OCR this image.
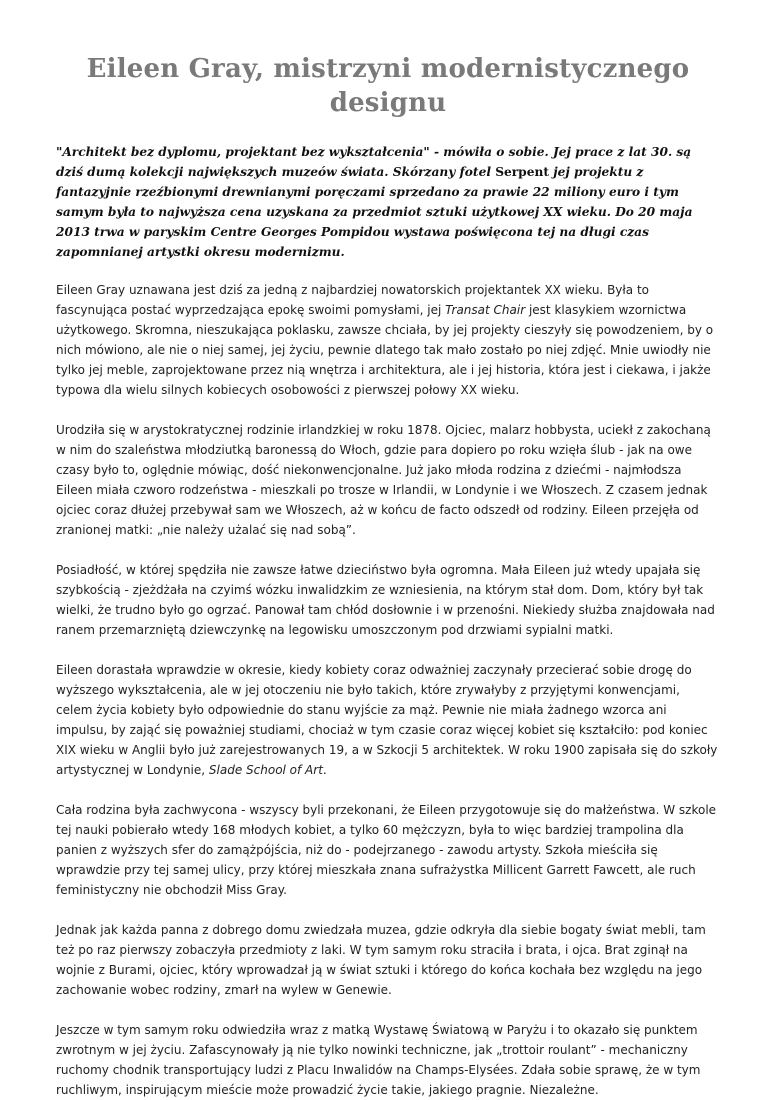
Eileen Gray, mistrzyni modernistycznego designu

"Architekt bez dyplomu, projektant bez wykształcenia" - mówiła o sobie. Jej prace z lat 30. są dziś dumą kolekcji największych muzeów świata. Skórzany fotel Serpent jej projektu z fantazyjnie rzeźbionymi drewnianymi poręczami sprzedano za prawie 22 miliony euro i tym samym była to najwyższa cena uzyskana za przedmiot sztuki użytkowej XX wieku. Do 20 maja 2013 trwa w paryskim Centre Georges Pompidou wystawa poświęcona tej na długi czas zapomnianej artystki okresu modernizmu.

Eileen Gray uznawana jest dziś za jedną z najbardziej nowatorskich projektantek XX wieku. Była to fascynująca postać wyprzedzająca epokę swoimi pomysłami, jej Transat Chair jest klasykiem wzornictwa użytkowego. Skromna, nieszukająca poklasku, zawsze chciała, by jej projekty cieszyły się powodzeniem, by o nich mówiono, ale nie o niej samej, jej życiu, pewnie dlatego tak mało zostało po niej zdjęć. Mnie uwiodły nie tylko jej meble, zaprojektowane przez nią wnętrza i architektura, ale i jej historia, która jest i ciekawa, i jakże typowa dla wielu silnych kobiecych osobowości z pierwszej połowy XX wieku.

Urodziła się w arystokratycznej rodzinie irlandzkiej w roku 1878. Ojciec, malarz hobbysta, uciekł z zakochaną w nim do szaleństwa młodziutką baronessą do Włoch, gdzie para dopiero po roku wzięła ślub - jak na owe czasy było to, oględnie mówiąc, dość niekonwencjonalne. Już jako młoda rodzina z dziećmi - najmłodsza Eileen miała czworo rodzeństwa - mieszkali po trosze w Irlandii, w Londynie i we Włoszech. Z czasem jednak ojciec coraz dłużej przebywał sam we Włoszech, aż w końcu de facto odszedł od rodziny. Eileen przejęła od zranionej matki: „nie należy użalać się nad sobą”.

Posiadłość, w której spędziła nie zawsze łatwe dzieciństwo była ogromna. Mała Eileen już wtedy upajała się szybkością - zjeżdżała na czyimś wózku inwalidzkim ze wzniesienia, na którym stał dom. Dom, który był tak wielki, że trudno było go ogrzać. Panował tam chłód dosłownie i w przenośni. Niekiedy służba znajdowała nad ranem przemarzniętą dziewczynkę na legowisku umoszczonym pod drzwiami sypialni matki.

Eileen dorastała wprawdzie w okresie, kiedy kobiety coraz odważniej zaczynały przecierać sobie drogę do wyższego wykształcenia, ale w jej otoczeniu nie było takich, które zrywałyby z przyjętymi konwencjami, celem życia kobiety było odpowiednie do stanu wyjście za mąż. Pewnie nie miała żadnego wzorca ani impulsu, by zająć się poważniej studiami, chociaż w tym czasie coraz więcej kobiet się kształciło: pod koniec XIX wieku w Anglii było już zarejestrowanych 19, a w Szkocji 5 architektek. W roku 1900 zapisała się do szkoły artystycznej w Londynie, Slade School of Art.

Cała rodzina była zachwycona - wszyscy byli przekonani, że Eileen przygotowuje się do małżeństwa. W szkole tej nauki pobierało wtedy 168 młodych kobiet, a tylko 60 mężczyzn, była to więc bardziej trampolina dla panien z wyższych sfer do zamążpójścia, niż do - podejrzanego - zawodu artysty. Szkoła mieściła się wprawdzie przy tej samej ulicy, przy której mieszkała znana sufrażystka Millicent Garrett Fawcett, ale ruch feministyczny nie obchodził Miss Gray.

Jednak jak każda panna z dobrego domu zwiedzała muzea, gdzie odkryła dla siebie bogaty świat mebli, tam też po raz pierwszy zobaczyła przedmioty z laki. W tym samym roku straciła i brata, i ojca. Brat zginął na wojnie z Burami, ojciec, który wprowadzał ją w świat sztuki i którego do końca kochała bez względu na jego zachowanie wobec rodziny, zmarł na wylew w Genewie.

Jeszcze w tym samym roku odwiedziła wraz z matką Wystawę Światową w Paryżu i to okazało się punktem zwrotnym w jej życiu. Zafascynowały ją nie tylko nowinki techniczne, jak „trottoir roulant” - mechaniczny ruchomy chodnik transportujący ludzi z Placu Inwalidów na Champs-Elysées. Zdała sobie sprawę, że w tym ruchliwym, inspirującym mieście może prowadzić życie takie, jakiego pragnie. Niezależne.
